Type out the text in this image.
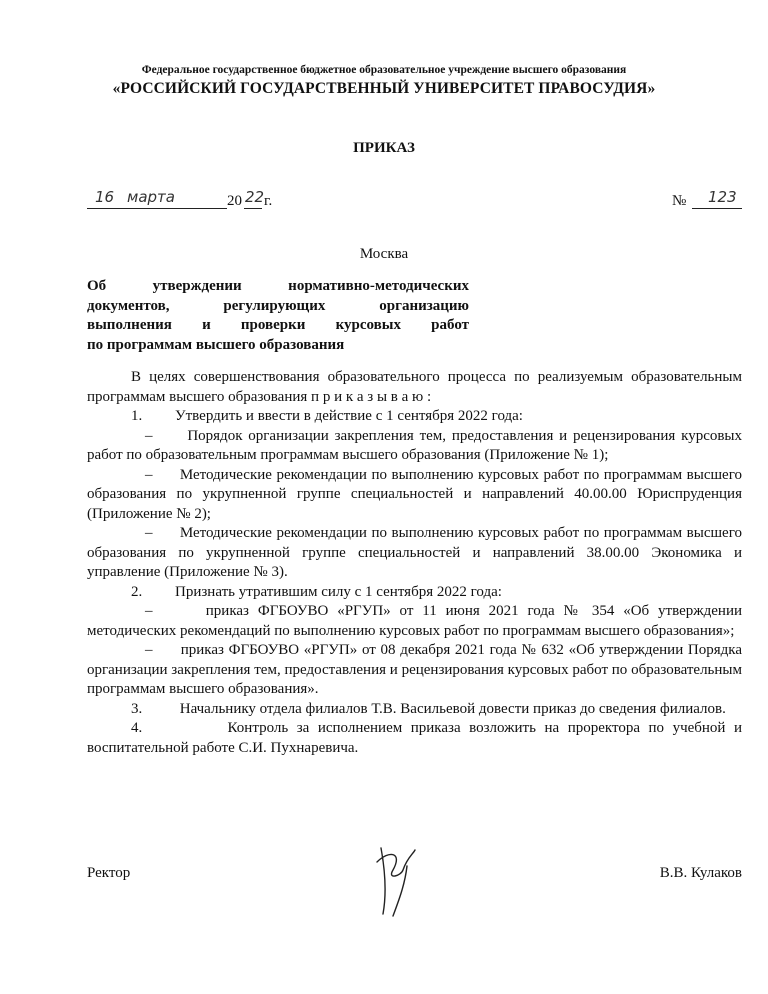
Федеральное государственное бюджетное образовательное учреждение высшего образования
«РОССИЙСКИЙ ГОСУДАРСТВЕННЫЙ УНИВЕРСИТЕТ ПРАВОСУДИЯ»
ПРИКАЗ
16 марта	20 22 г.	№ 123
Москва
Об утверждении нормативно-методических
документов, регулирующих организацию
выполнения и проверки курсовых работ
по программам высшего образования

В целях совершенствования образовательного процесса по реализуемым образовательным программам высшего образования п р и к а з ы в а ю :

1. Утвердить и ввести в действие с 1 сентября 2022 года:

– Порядок организации закрепления тем, предоставления и рецензирования курсовых работ по образовательным программам высшего образования (Приложение № 1);

– Методические рекомендации по выполнению курсовых работ по программам высшего образования по укрупненной группе специальностей и направлений 40.00.00 Юриспруденция (Приложение № 2);

– Методические рекомендации по выполнению курсовых работ по программам высшего образования по укрупненной группе специальностей и направлений 38.00.00 Экономика и управление (Приложение № 3).

2. Признать утратившим силу с 1 сентября 2022 года:

–	приказ ФГБОУВО «РГУП» от 11 июня 2021 года № 354 «Об утверждении методических рекомендаций по выполнению курсовых работ по программам высшего образования»;

– приказ ФГБОУВО «РГУП» от 08 декабря 2021 года № 632 «Об утверждении Порядка организации закрепления тем, предоставления и рецензирования курсовых работ по образовательным программам высшего образования».

3.	Начальнику отдела филиалов Т.В. Васильевой довести приказ до сведения филиалов.

4.	Контроль за исполнением приказа возложить на проректора по учебной и воспитательной работе С.И. Пухнаревича.

Ректор	В.В. Кулаков
